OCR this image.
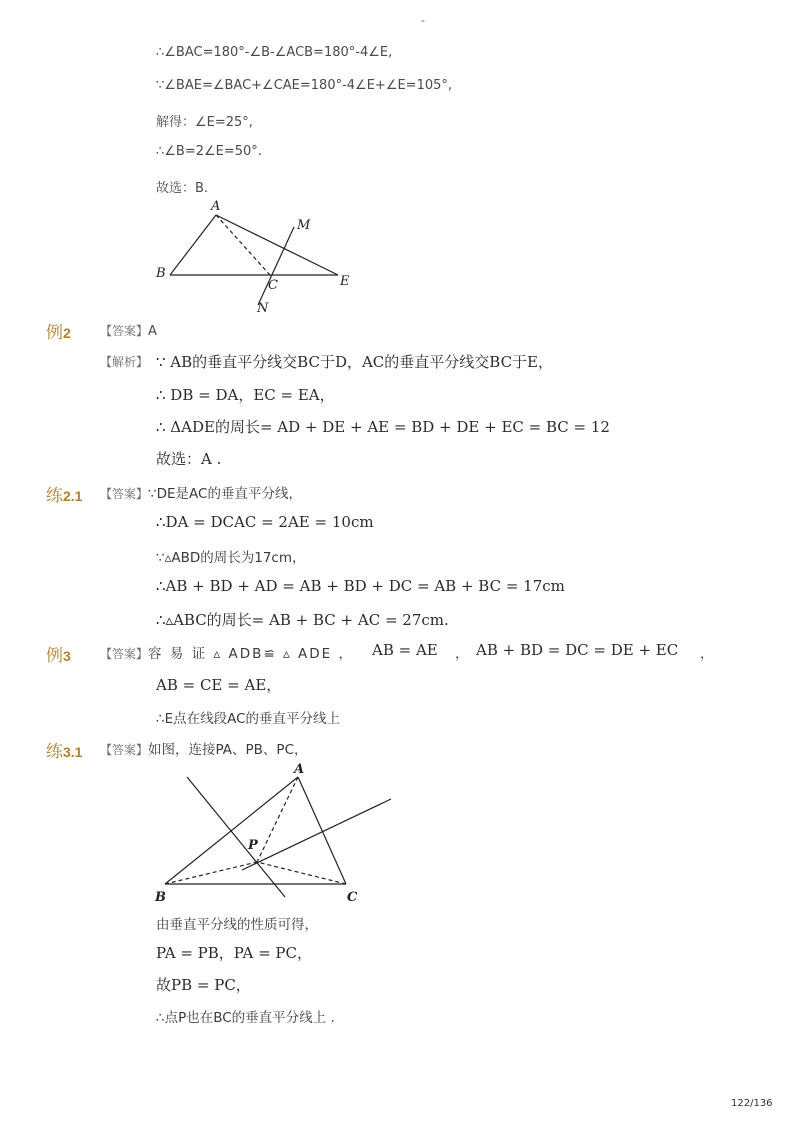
-
∴∠BAC=180°-∠B-∠ACB=180°-4∠E,
∵∠BAE=∠BAC+∠CAE=180°-4∠E+∠E=105°,
解得：∠E=25°,
∴∠B=2∠E=50°.
故选：B.
A
M
B
C	E
N
例2 【答案】A
【解析】 ∵ AB的垂直平分线交BC于D，AC的垂直平分线交BC于E，
∴ DB = DA，EC = EA，
∴ ΔADE的周长= AD + DE + AE = BD + DE + EC = BC = 12
故选：A .
练2.1 【答案】∵DE是AC的垂直平分线，
∴DA = DCAC = 2AE = 10cm
∵▵ABD的周长为17cm，
∴AB + BD + AD = AB + BD + DC = AB + BC = 17cm
∴▵ABC的周长= AB + BC + AC = 27cm.
例3 【答案】容 易 证 ▵ ADB≌ ▵ ADE ， AB = AE ， AB + BD = DC = DE + EC ，
AB = CE = AE，
∴E点在线段AC的垂直平分线上
练3.1 【答案】如图，连接PA、PB、PC，
A
P
B	C
由垂直平分线的性质可得，
PA = PB，PA = PC，
故PB = PC，
∴点P也在BC的垂直平分线上 .
122/136
